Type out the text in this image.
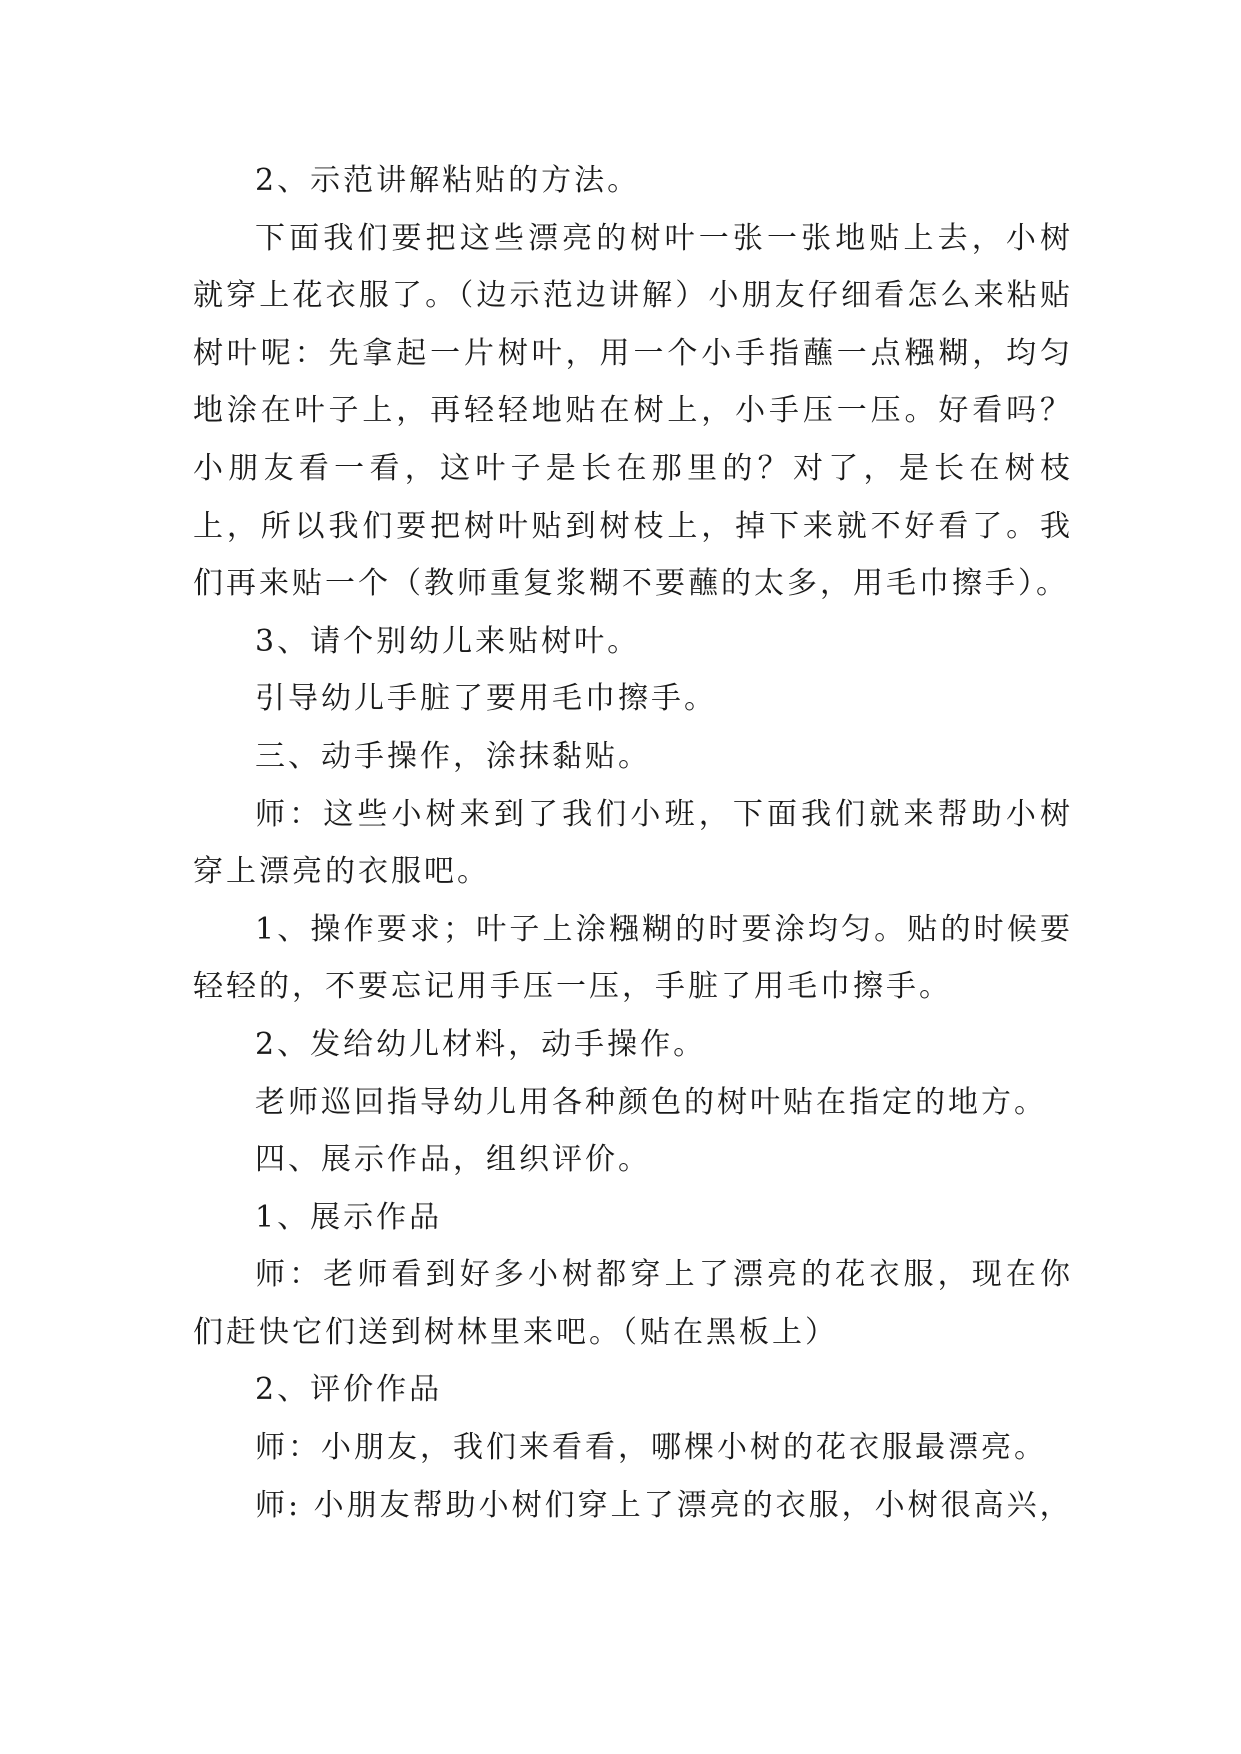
2、示范讲解粘贴的方法。

下面我们要把这些漂亮的树叶一张一张地贴上去，小树就穿上花衣服了。（边示范边讲解）小朋友仔细看怎么来粘贴树叶呢：先拿起一片树叶，用一个小手指蘸一点糨糊，均匀地涂在叶子上，再轻轻地贴在树上，小手压一压。好看吗？小朋友看一看，这叶子是长在那里的？对了，是长在树枝上，所以我们要把树叶贴到树枝上，掉下来就不好看了。我们再来贴一个（教师重复浆糊不要蘸的太多，用毛巾擦手）。

3、请个别幼儿来贴树叶。

引导幼儿手脏了要用毛巾擦手。

三、动手操作，涂抹黏贴。

师：这些小树来到了我们小班，下面我们就来帮助小树穿上漂亮的衣服吧。

1、操作要求；叶子上涂糨糊的时要涂均匀。贴的时候要轻轻的，不要忘记用手压一压，手脏了用毛巾擦手。

2、发给幼儿材料，动手操作。

老师巡回指导幼儿用各种颜色的树叶贴在指定的地方。

四、展示作品，组织评价。

1、展示作品

师：老师看到好多小树都穿上了漂亮的花衣服，现在你们赶快它们送到树林里来吧。（贴在黑板上）

2、评价作品

师：小朋友，我们来看看，哪棵小树的花衣服最漂亮。

师: 小朋友帮助小树们穿上了漂亮的衣服，小树很高兴，
